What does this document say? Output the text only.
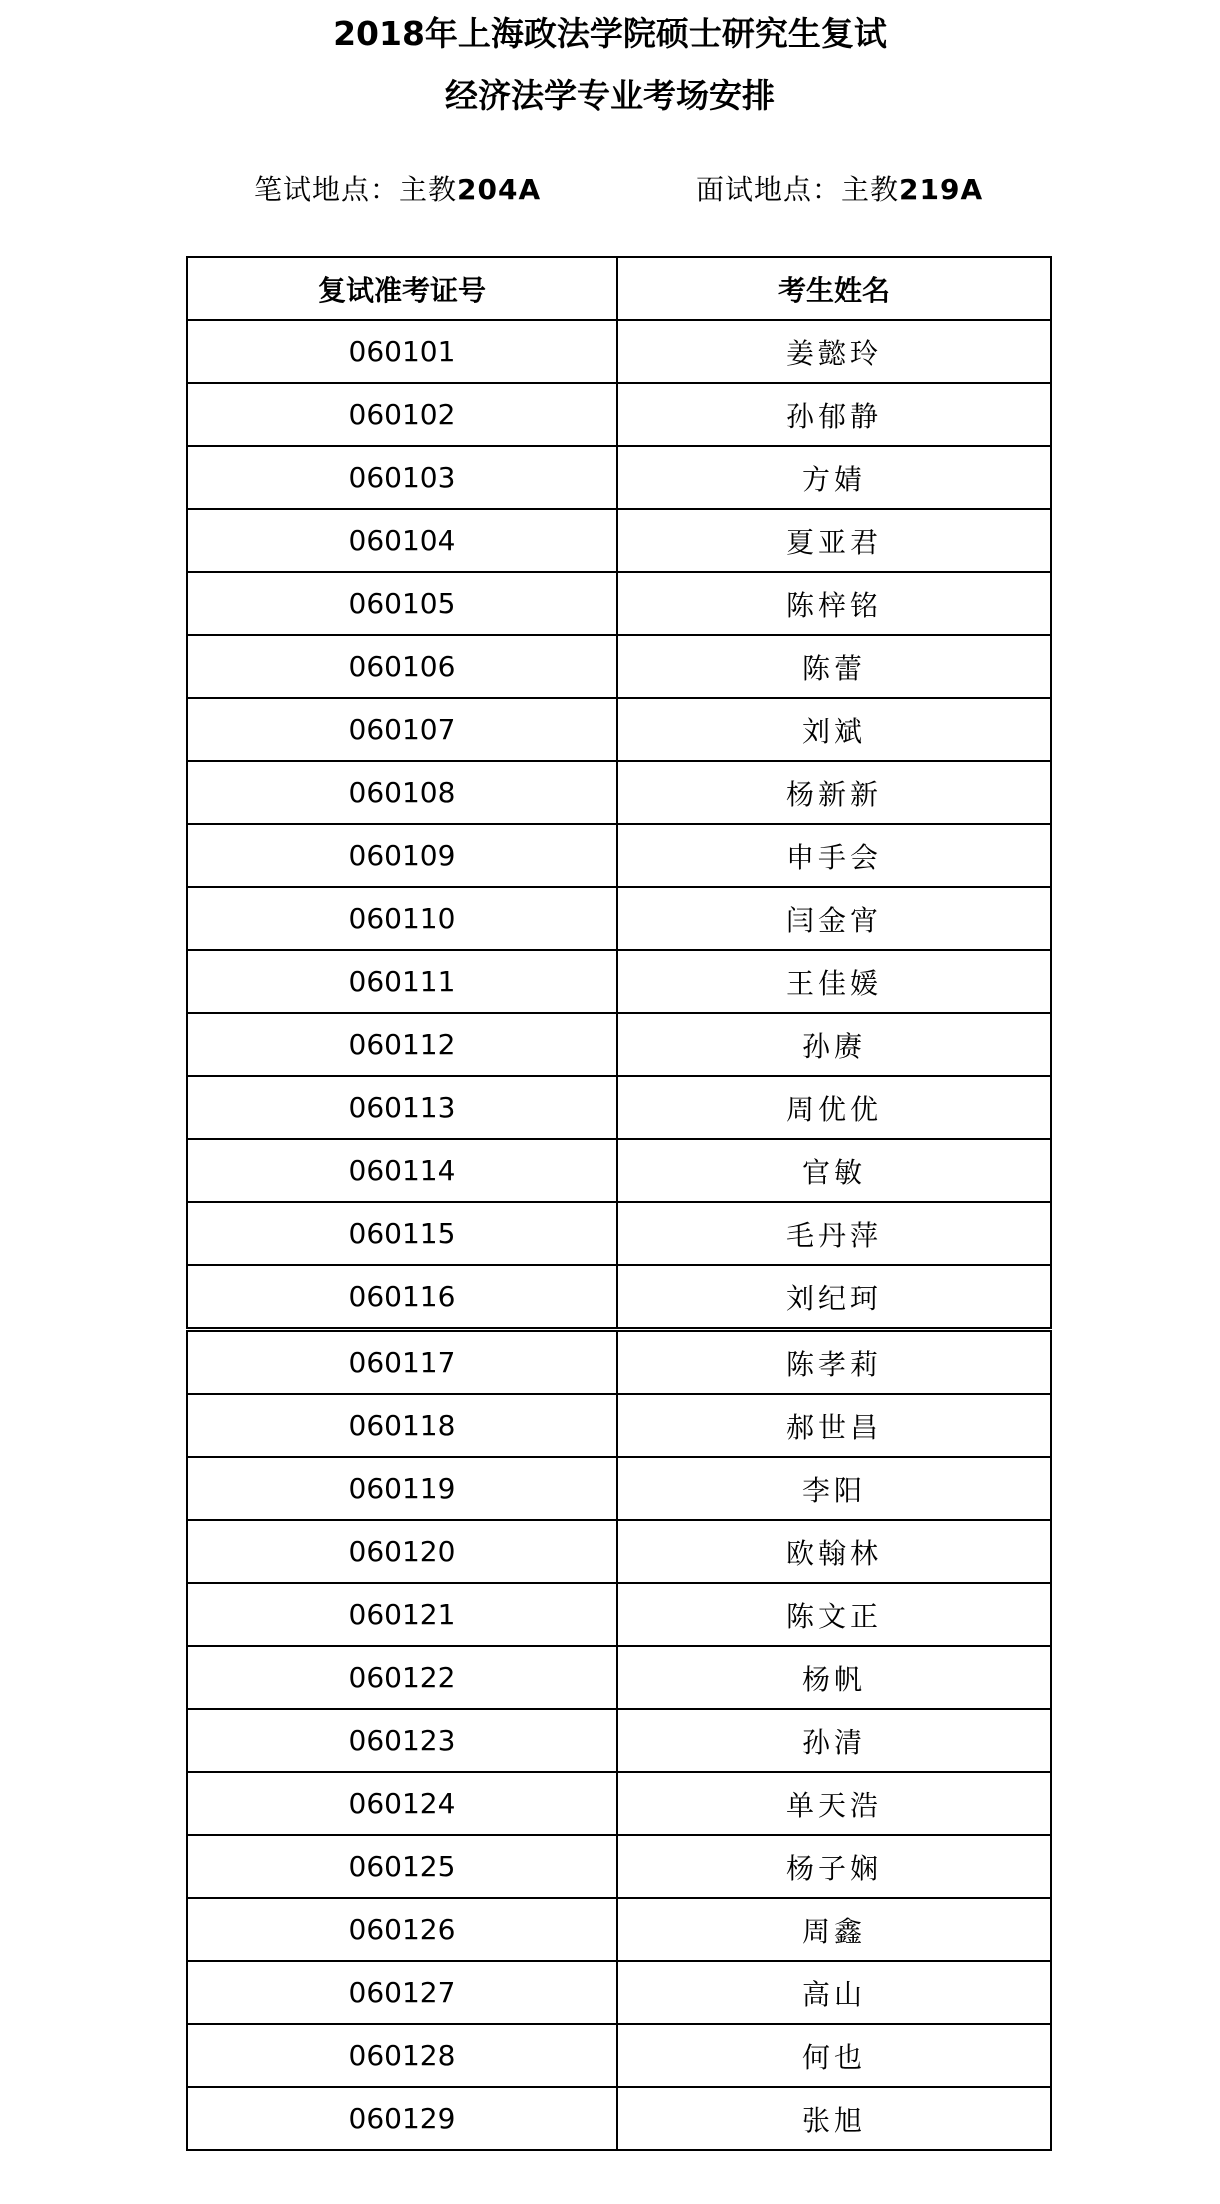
2018年上海政法学院硕士研究生复试
经济法学专业考场安排
笔试地点：主教204A	面试地点：主教219A
复试准考证号	考生姓名
060101	姜懿玲
060102	孙郁静
060103	方婧
060104	夏亚君
060105	陈梓铭
060106	陈蕾
060107	刘斌
060108	杨新新
060109	申手会
060110	闫金宵
060111	王佳媛
060112	孙赓
060113	周优优
060114	官敏
060115	毛丹萍
060116	刘纪珂
060117	陈孝莉
060118	郝世昌
060119	李阳
060120	欧翰林
060121	陈文正
060122	杨帆
060123	孙清
060124	单天浩
060125	杨子娴
060126	周鑫
060127	高山
060128	何也
060129	张旭
